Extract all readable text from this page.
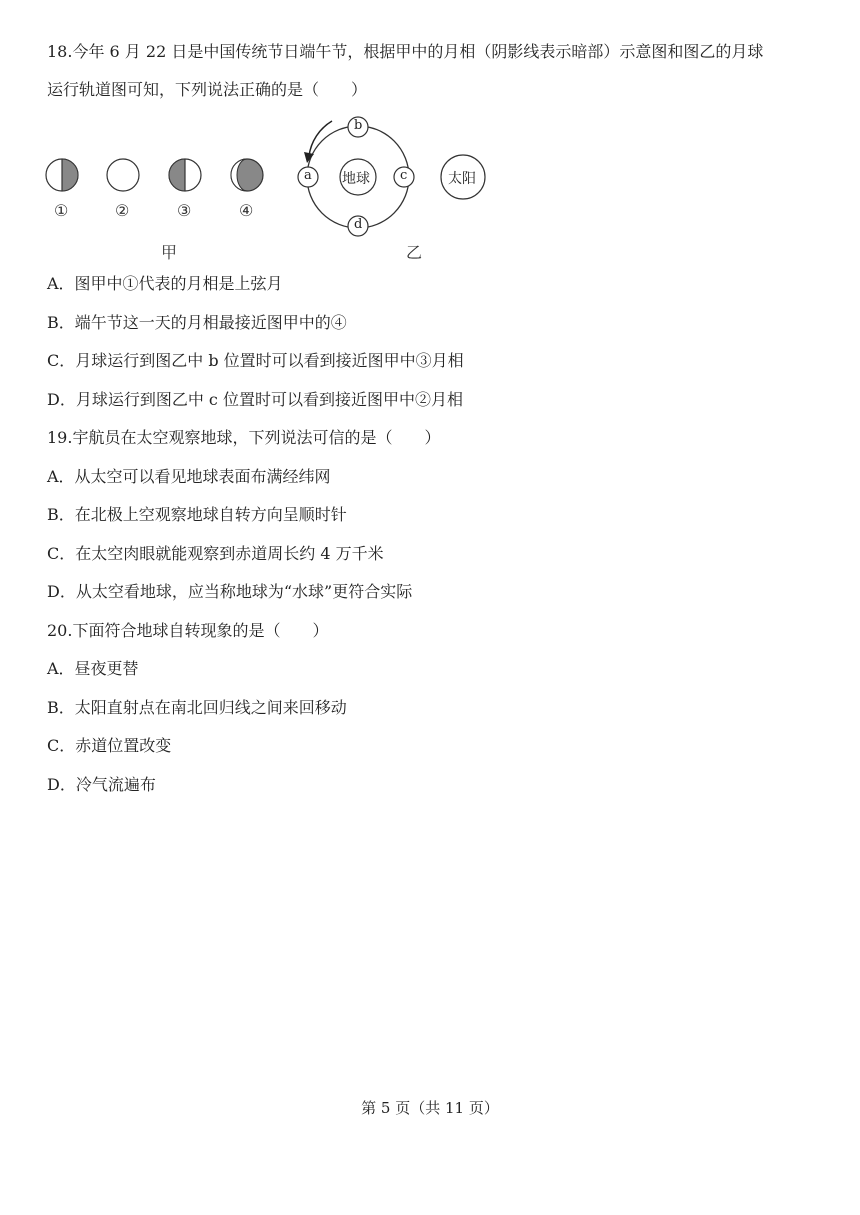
18.今年 6 月 22 日是中国传统节日端午节，根据甲中的月相（阴影线表示暗部）示意图和图乙的月球
运行轨道图可知，下列说法正确的是（　　）
①	②	③	④
b
a	c
d
地球	太阳
甲	乙
A．图甲中①代表的月相是上弦月
B．端午节这一天的月相最接近图甲中的④
C．月球运行到图乙中 b 位置时可以看到接近图甲中③月相
D．月球运行到图乙中 c 位置时可以看到接近图甲中②月相
19.宇航员在太空观察地球，下列说法可信的是（　　）
A．从太空可以看见地球表面布满经纬网
B．在北极上空观察地球自转方向呈顺时针
C．在太空肉眼就能观察到赤道周长约 4 万千米
D．从太空看地球，应当称地球为“水球”更符合实际
20.下面符合地球自转现象的是（　　）
A．昼夜更替
B．太阳直射点在南北回归线之间来回移动
C．赤道位置改变
D．冷气流遍布
第 5 页（共 11 页）
